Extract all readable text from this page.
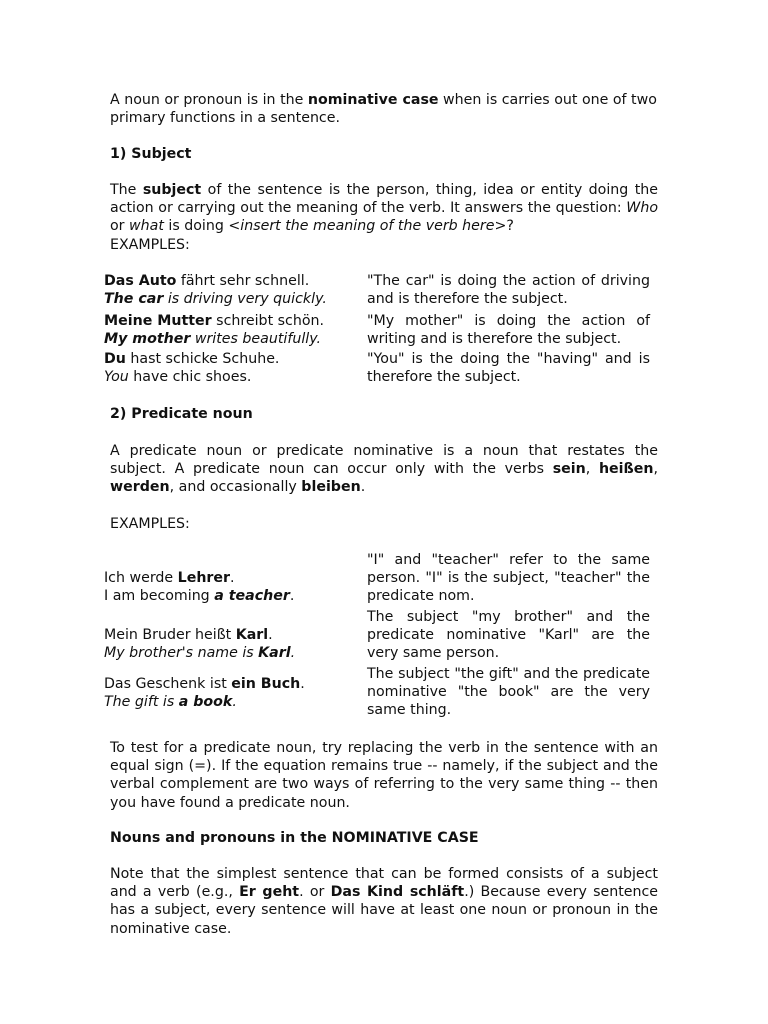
A noun or pronoun is in the nominative case when is carries out one of two primary functions in a sentence.

1) Subject

The subject of the sentence is the person, thing, idea or entity doing the action or carrying out the meaning of the verb. It answers the question: Who or what is doing <insert the meaning of the verb here>?
EXAMPLES:

Das Auto fährt sehr schnell.
The car is driving very quickly.
"The car" is doing the action of driving and is therefore the subject.
Meine Mutter schreibt schön.
My mother writes beautifully.
"My mother" is doing the action of writing and is therefore the subject.
Du hast schicke Schuhe.
You have chic shoes.
"You" is the doing the "having" and is therefore the subject.

2) Predicate noun

A predicate noun or predicate nominative is a noun that restates the subject. A predicate noun can occur only with the verbs sein, heißen, werden, and occasionally bleiben.

EXAMPLES:

Ich werde Lehrer.
I am becoming a teacher.
"I" and "teacher" refer to the same person. "I" is the subject, "teacher" the predicate nom.
Mein Bruder heißt Karl.
My brother's name is Karl.
The subject "my brother" and the predicate nominative "Karl" are the very same person.
Das Geschenk ist ein Buch.
The gift is a book.
The subject "the gift" and the predicate nominative "the book" are the very same thing.

To test for a predicate noun, try replacing the verb in the sentence with an equal sign (=). If the equation remains true -- namely, if the subject and the verbal complement are two ways of referring to the very same thing -- then you have found a predicate noun.

Nouns and pronouns in the NOMINATIVE CASE

Note that the simplest sentence that can be formed consists of a subject and a verb (e.g., Er geht. or Das Kind schläft.) Because every sentence has a subject, every sentence will have at least one noun or pronoun in the nominative case.
